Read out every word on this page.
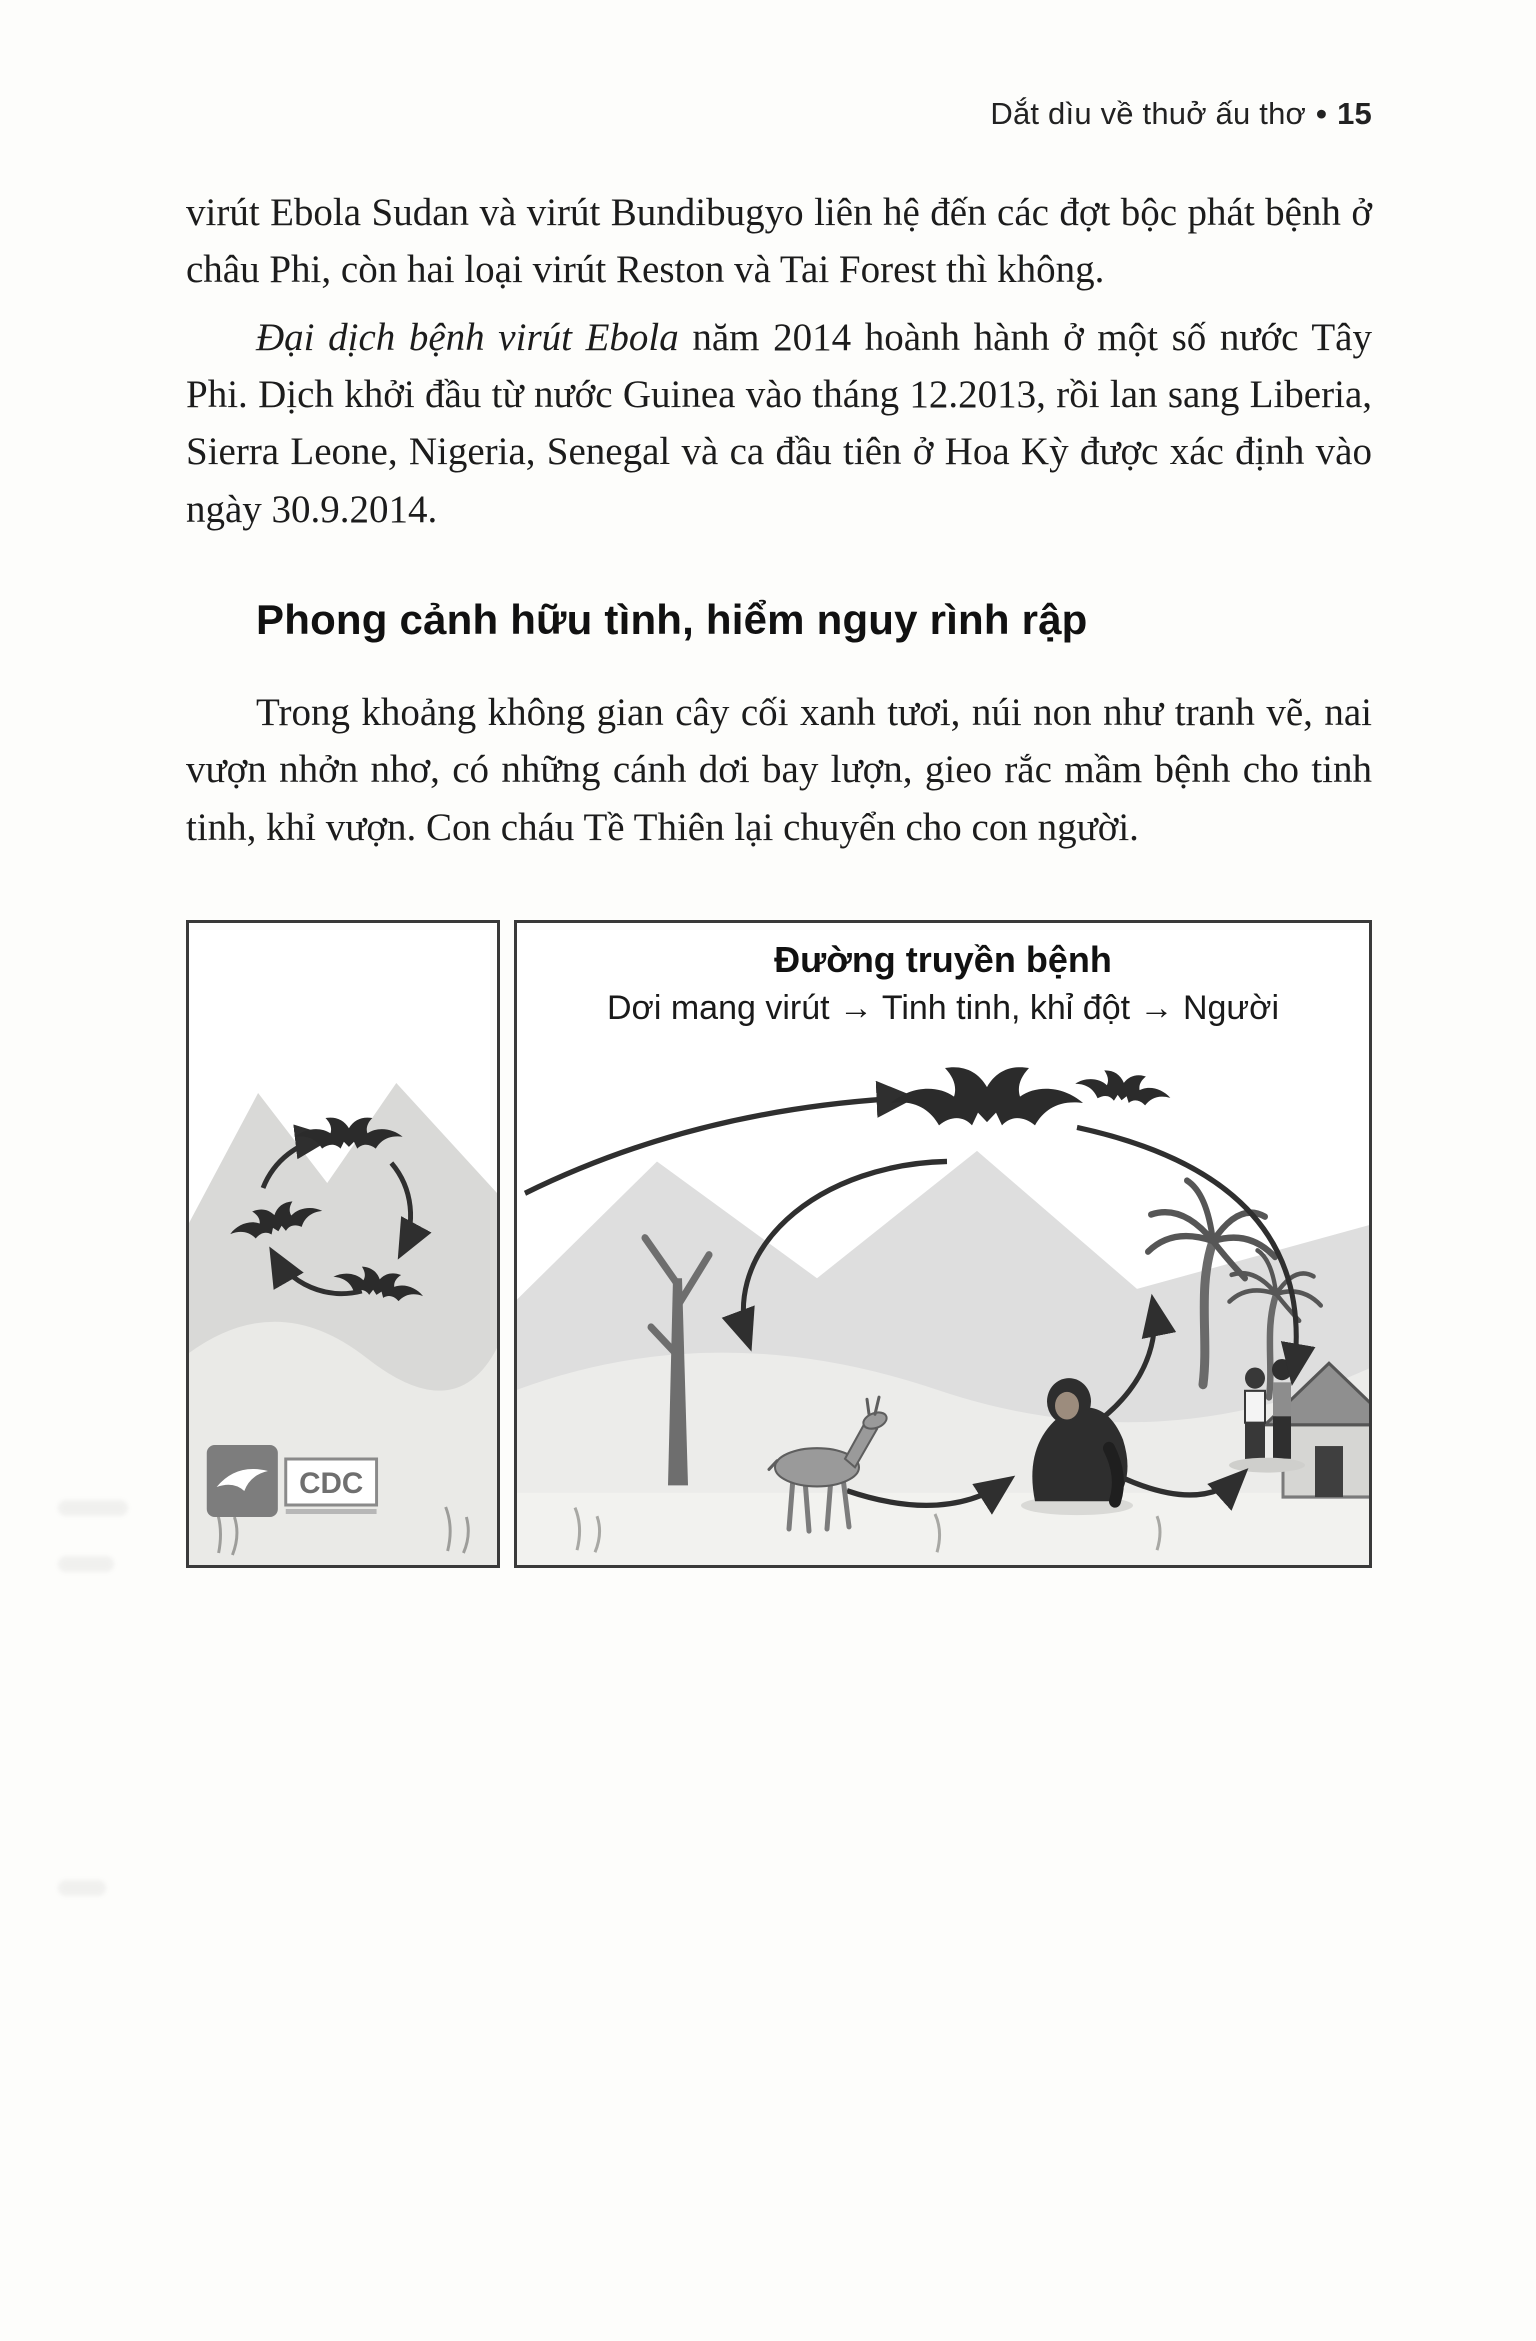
Dắt dìu về thuở ấu thơ • 15

virút Ebola Sudan và virút Bundibugyo liên hệ đến các đợt bộc phát bệnh ở châu Phi, còn hai loại virút Reston và Tai Forest thì không.

Đại dịch bệnh virút Ebola năm 2014 hoành hành ở một số nước Tây Phi. Dịch khởi đầu từ nước Guinea vào tháng 12.2013, rồi lan sang Liberia, Sierra Leone, Nigeria, Senegal và ca đầu tiên ở Hoa Kỳ được xác định vào ngày 30.9.2014.

Phong cảnh hữu tình, hiểm nguy rình rập

Trong khoảng không gian cây cối xanh tươi, núi non như tranh vẽ, nai vượn nhởn nhơ, có những cánh dơi bay lượn, gieo rắc mầm bệnh cho tinh tinh, khỉ vượn. Con cháu Tề Thiên lại chuyển cho con người.

CDC
Đường truyền bệnh
Dơi mang virút → Tinh tinh, khỉ đột → Người
